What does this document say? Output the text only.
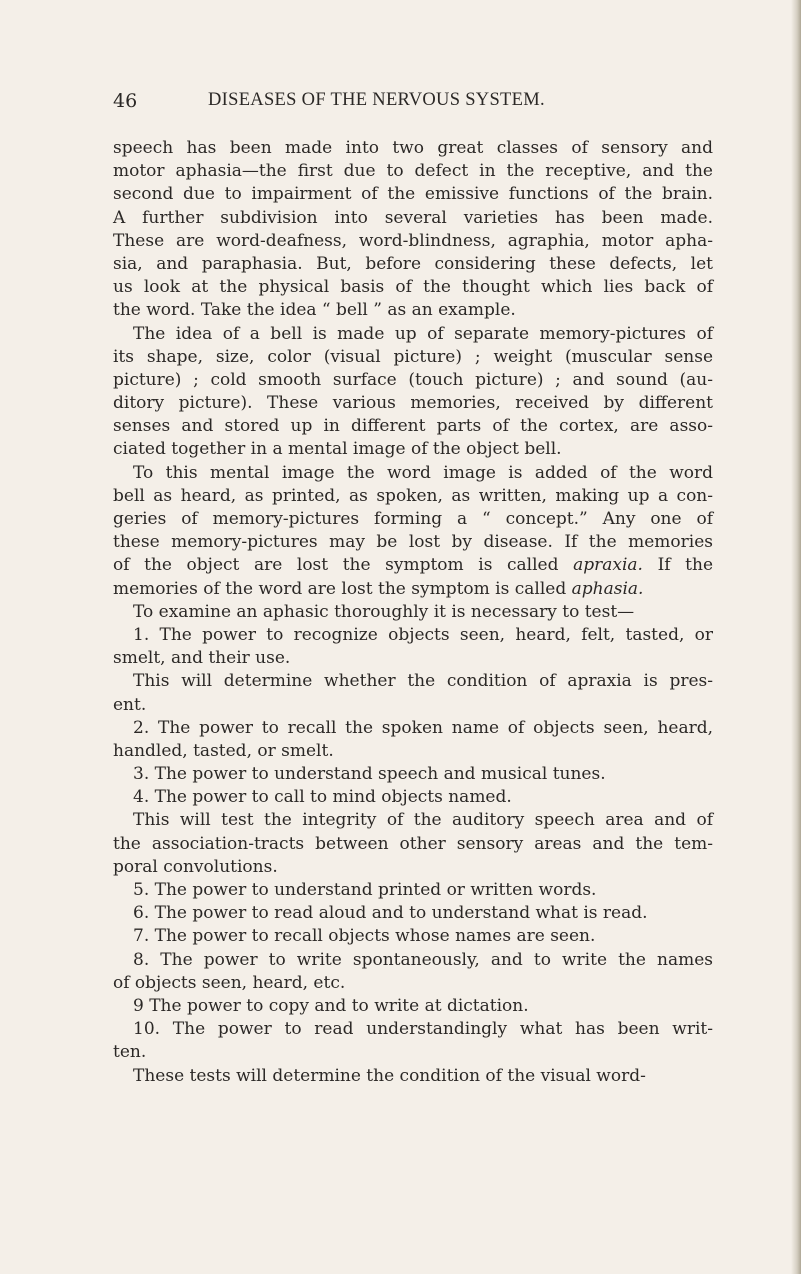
46	DISEASES OF THE NERVOUS SYSTEM.
speech has been made into two great classes of sensory and
motor aphasia—the first due to defect in the receptive, and the
second due to impairment of the emissive functions of the brain.
A further subdivision into several varieties has been made.
These are word-deafness, word-blindness, agraphia, motor apha-
sia, and paraphasia. But, before considering these defects, let
us look at the physical basis of the thought which lies back of
the word. Take the idea “ bell ” as an example.
The idea of a bell is made up of separate memory-pictures of
its shape, size, color (visual picture) ; weight (muscular sense
picture) ; cold smooth surface (touch picture) ; and sound (au-
ditory picture). These various memories, received by different
senses and stored up in different parts of the cortex, are asso-
ciated together in a mental image of the object bell.
To this mental image the word image is added of the word
bell as heard, as printed, as spoken, as written, making up a con-
geries of memory-pictures forming a “ concept.” Any one of
these memory-pictures may be lost by disease. If the memories
of the object are lost the symptom is called apraxia. If the
memories of the word are lost the symptom is called aphasia.
To examine an aphasic thoroughly it is necessary to test—
1. The power to recognize objects seen, heard, felt, tasted, or
smelt, and their use.
This will determine whether the condition of apraxia is pres-
ent.
2. The power to recall the spoken name of objects seen, heard,
handled, tasted, or smelt.
3. The power to understand speech and musical tunes.
4. The power to call to mind objects named.
This will test the integrity of the auditory speech area and of
the association-tracts between other sensory areas and the tem-
poral convolutions.
5. The power to understand printed or written words.
6. The power to read aloud and to understand what is read.
7. The power to recall objects whose names are seen.
8. The power to write spontaneously, and to write the names
of objects seen, heard, etc.
9 The power to copy and to write at dictation.
10. The power to read understandingly what has been writ-
ten.
These tests will determine the condition of the visual word-
